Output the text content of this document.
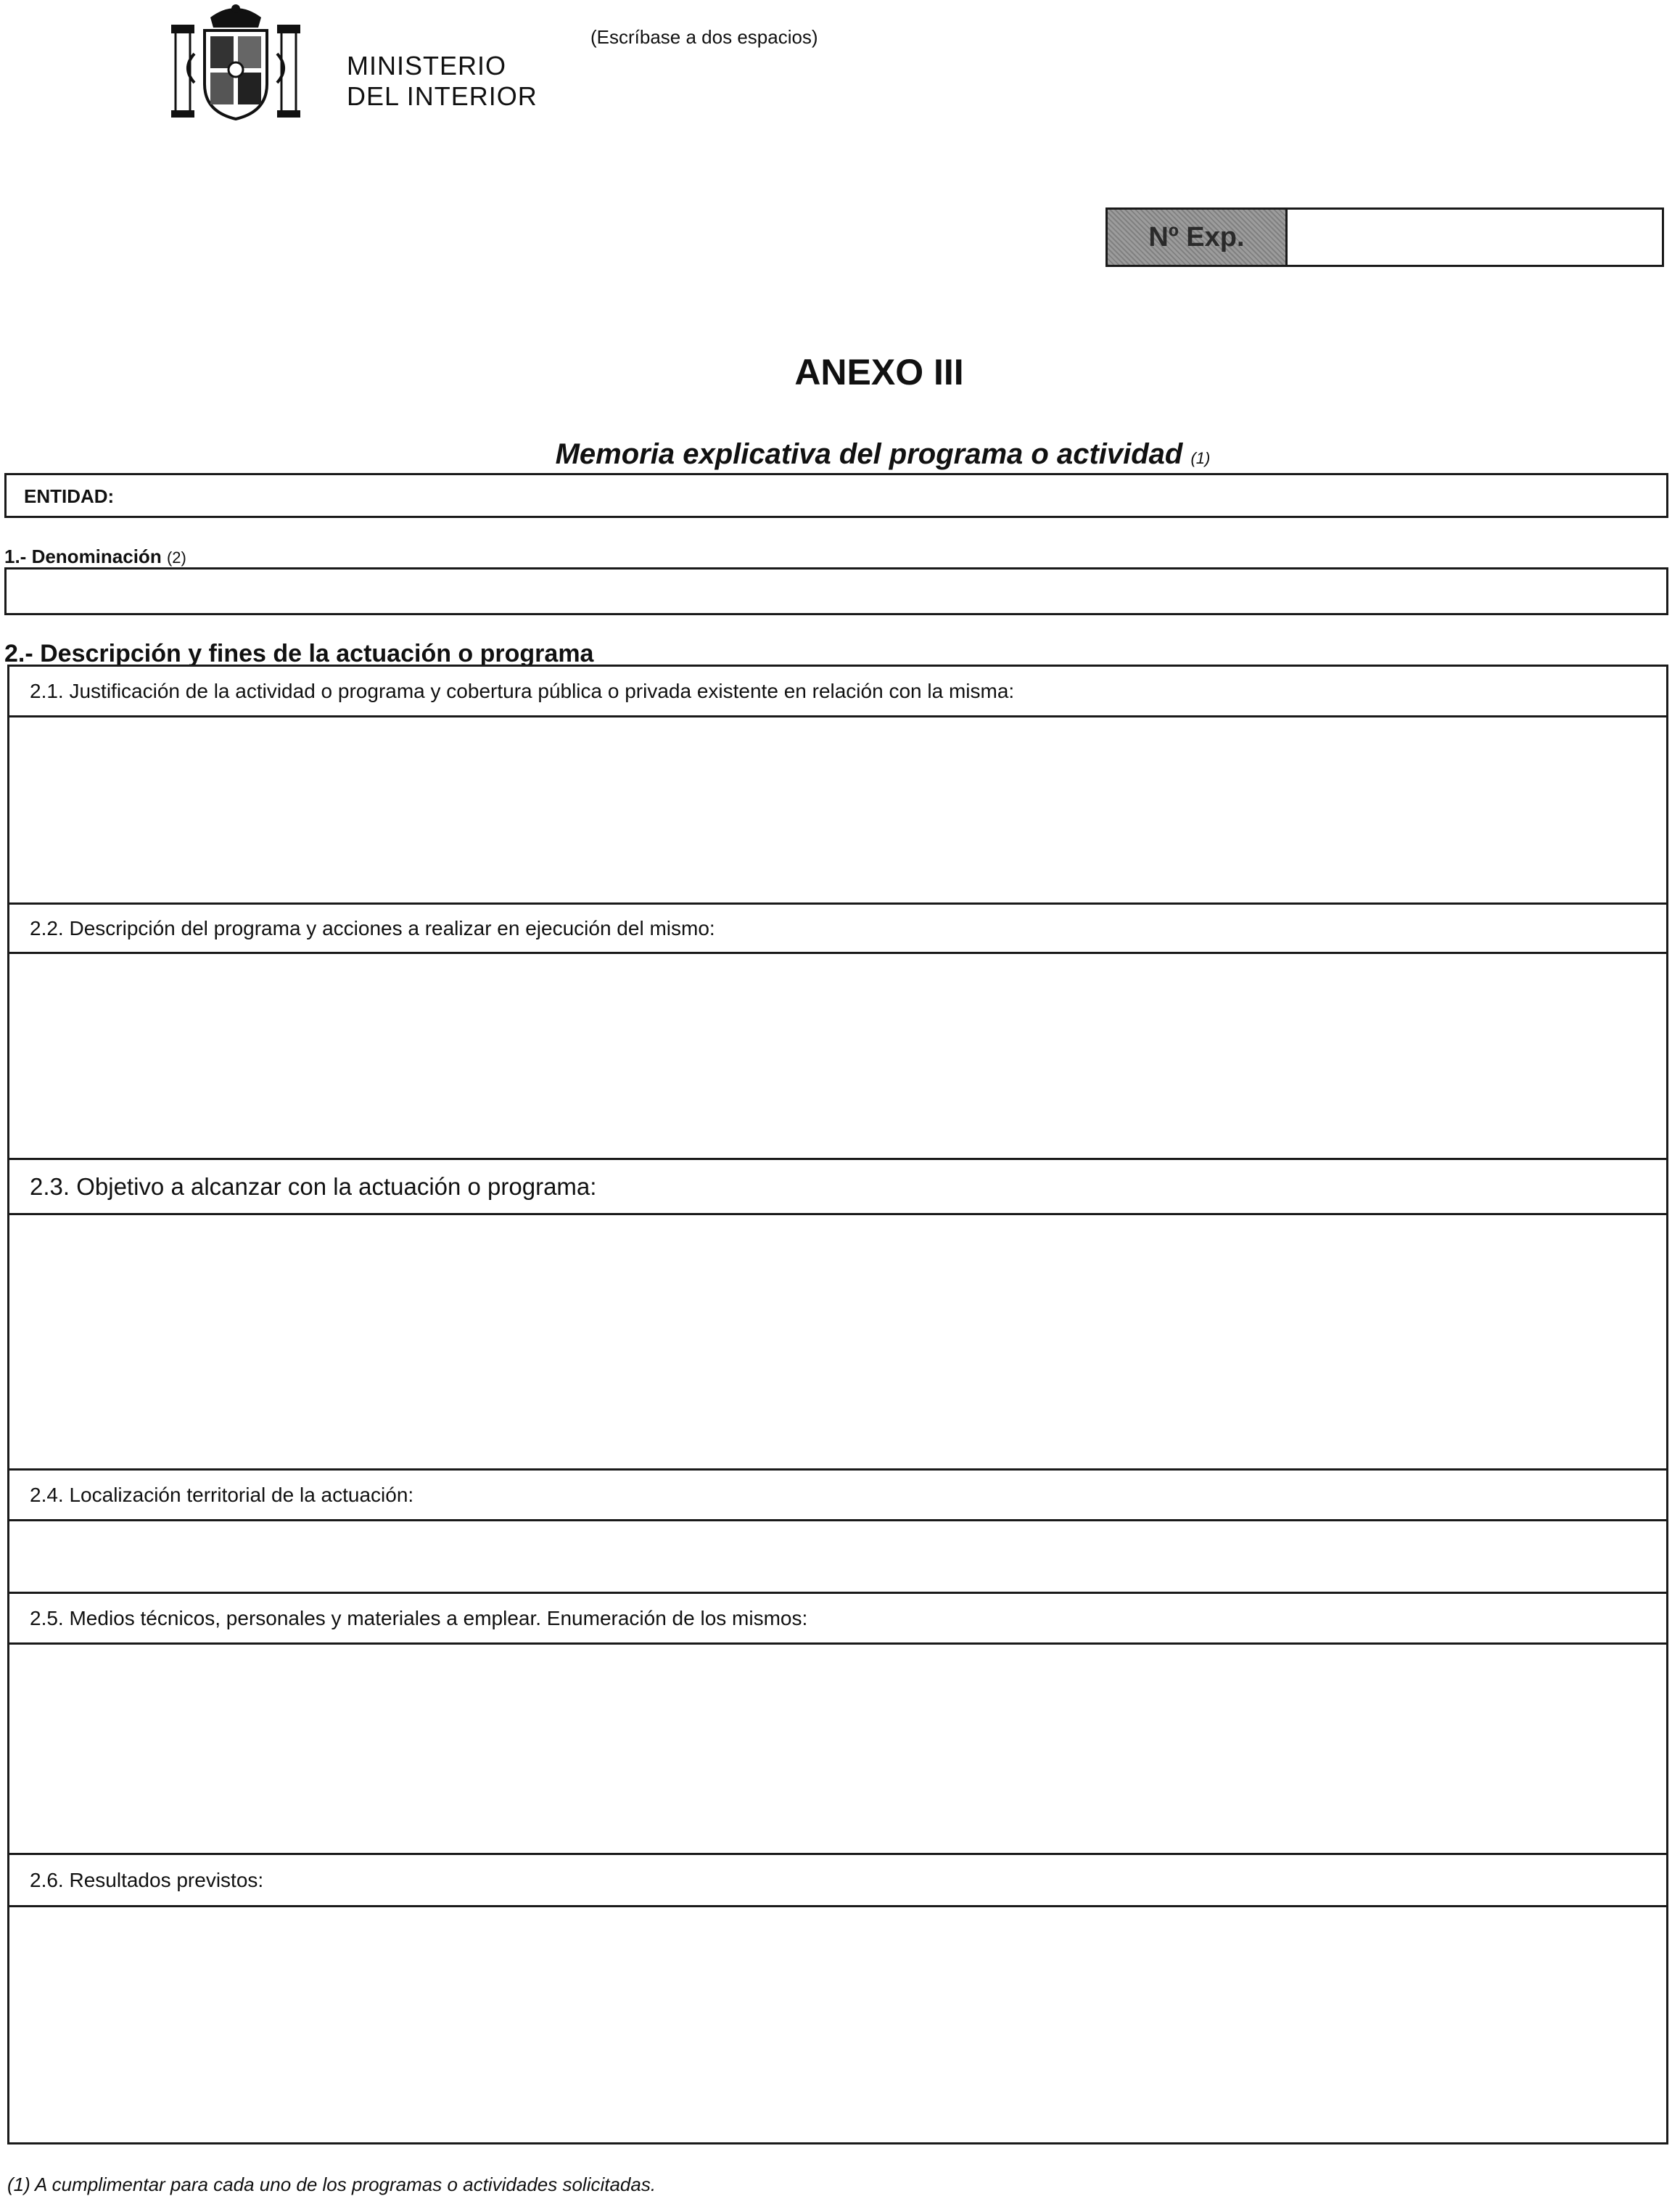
MINISTERIO
DEL INTERIOR
(Escríbase a dos espacios)
Nº Exp.
ANEXO III
Memoria explicativa del programa o actividad (1)
ENTIDAD:
1.- Denominación (2)
2.- Descripción y fines de la actuación o programa
2.1. Justificación de la actividad o programa y cobertura pública o privada existente en relación con la misma:
2.2. Descripción del programa y acciones a realizar en ejecución del mismo:
2.3. Objetivo a alcanzar con la actuación o programa:
2.4. Localización territorial de la actuación:
2.5. Medios técnicos, personales y materiales a emplear. Enumeración de los mismos:
2.6. Resultados previstos:
(1) A cumplimentar para cada uno de los programas o actividades solicitadas.
